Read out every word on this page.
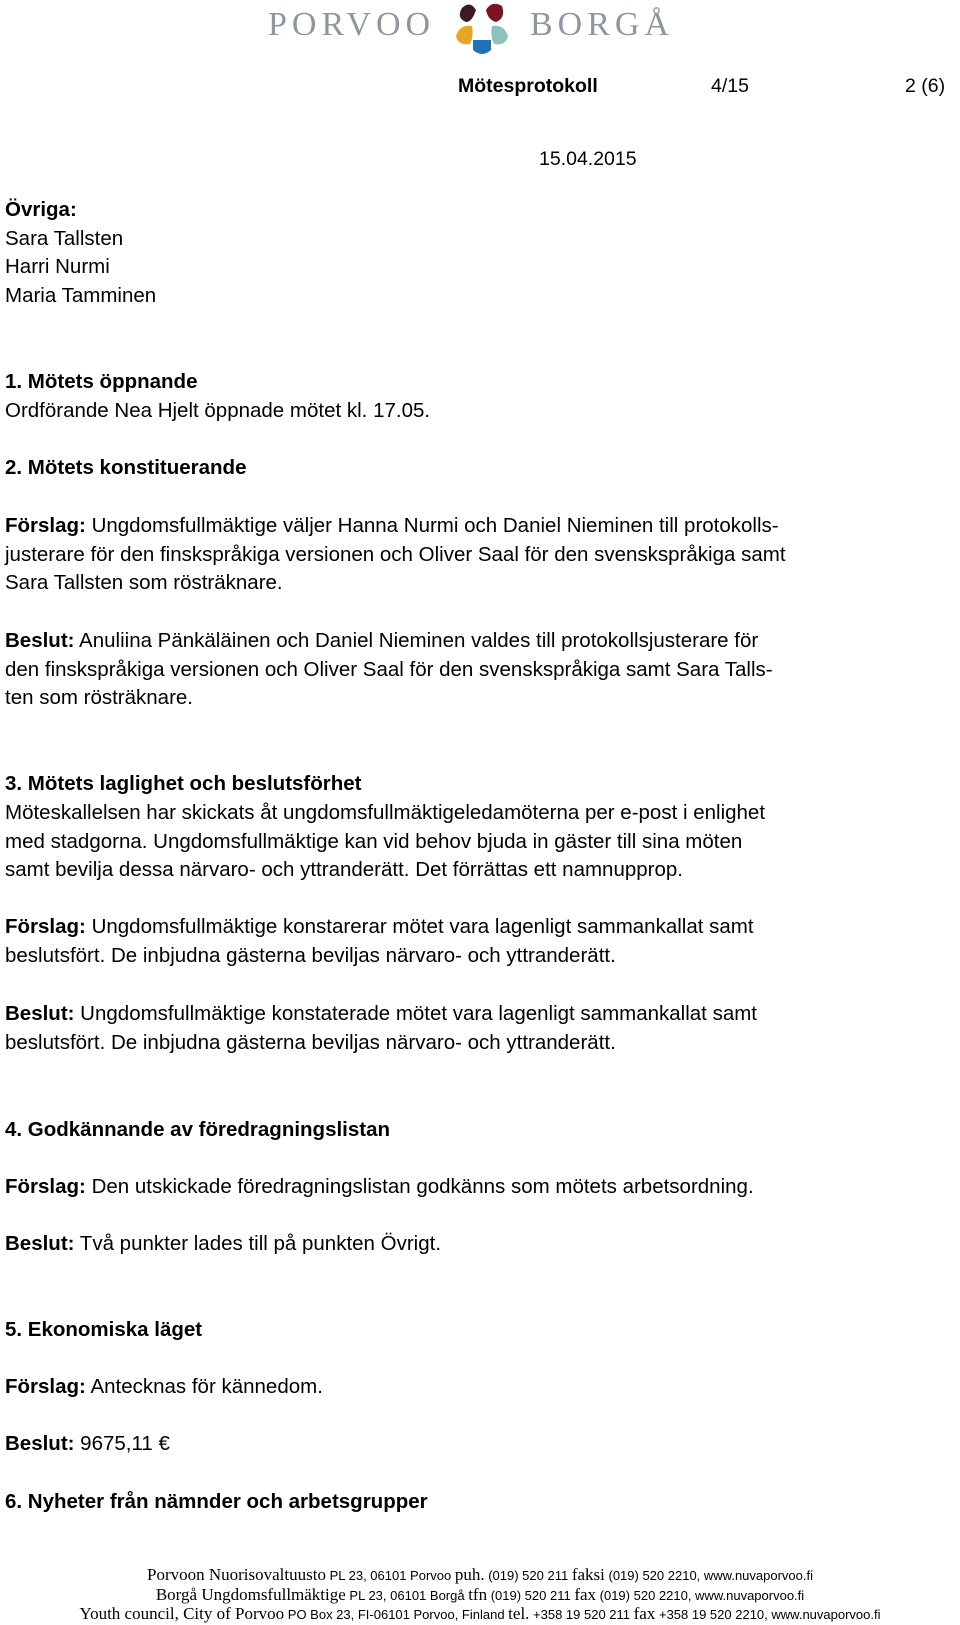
PORVOO	BORGÅ
Mötesprotokoll	4/15	2 (6)
15.04.2015
Övriga:
Sara Tallsten
Harri Nurmi
Maria Tamminen
1. Mötets öppnande
Ordförande Nea Hjelt öppnade mötet kl. 17.05.
2. Mötets konstituerande
Förslag: Ungdomsfullmäktige väljer Hanna Nurmi och Daniel Nieminen till protokolls-
justerare för den finskspråkiga versionen och Oliver Saal för den svenskspråkiga samt
Sara Tallsten som rösträknare.
Beslut: Anuliina Pänkäläinen och Daniel Nieminen valdes till protokollsjusterare för
den finskspråkiga versionen och Oliver Saal för den svenskspråkiga samt Sara Talls-
ten som rösträknare.
3. Mötets laglighet och beslutsförhet
Möteskallelsen har skickats åt ungdomsfullmäktigeledamöterna per e-post i enlighet
med stadgorna. Ungdomsfullmäktige kan vid behov bjuda in gäster till sina möten
samt bevilja dessa närvaro- och yttranderätt. Det förrättas ett namnupprop.
Förslag: Ungdomsfullmäktige konstarerar mötet vara lagenligt sammankallat samt
beslutsfört. De inbjudna gästerna beviljas närvaro- och yttranderätt.
Beslut: Ungdomsfullmäktige konstaterade mötet vara lagenligt sammankallat samt
beslutsfört. De inbjudna gästerna beviljas närvaro- och yttranderätt.
4. Godkännande av föredragningslistan
Förslag: Den utskickade föredragningslistan godkänns som mötets arbetsordning.
Beslut: Två punkter lades till på punkten Övrigt.
5. Ekonomiska läget
Förslag: Antecknas för kännedom.
Beslut: 9675,11 €
6. Nyheter från nämnder och arbetsgrupper
Porvoon Nuorisovaltuusto PL 23, 06101 Porvoo puh. (019) 520 211 faksi (019) 520 2210, www.nuvaporvoo.fi
Borgå Ungdomsfullmäktige PL 23, 06101 Borgå tfn (019) 520 211 fax (019) 520 2210, www.nuvaporvoo.fi
Youth council, City of Porvoo PO Box 23, FI-06101 Porvoo, Finland tel. +358 19 520 211 fax +358 19 520 2210, www.nuvaporvoo.fi
